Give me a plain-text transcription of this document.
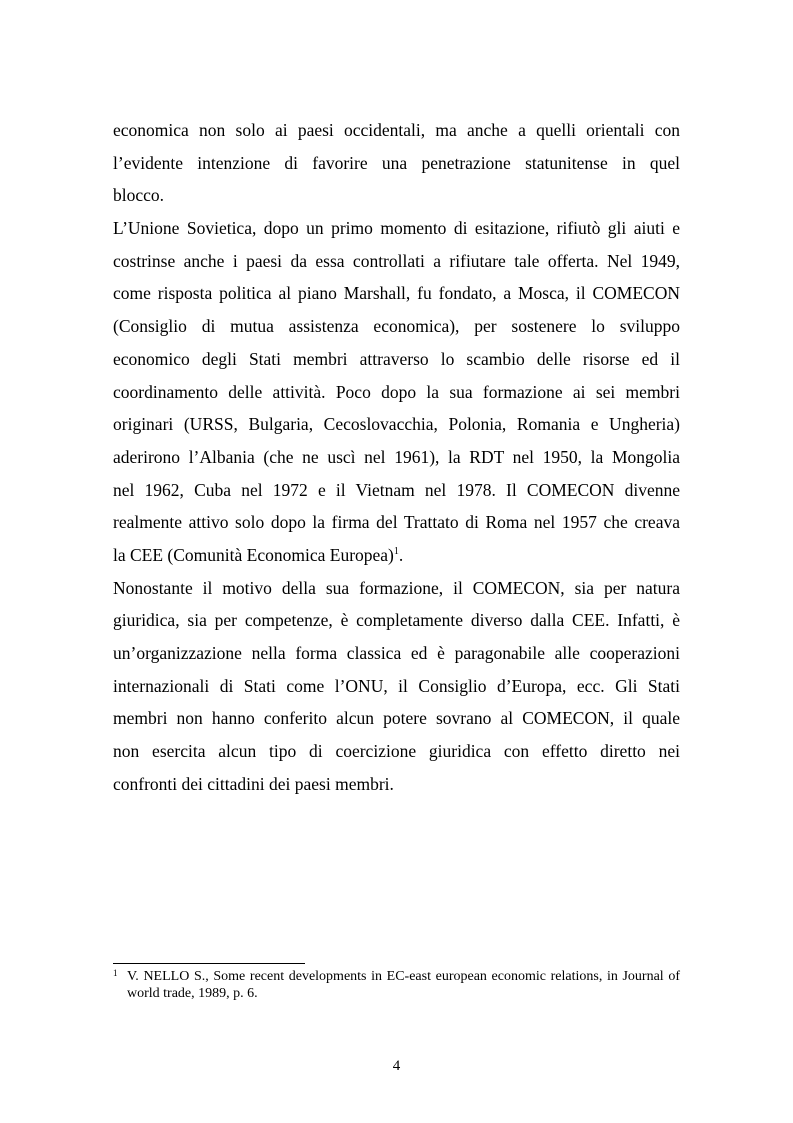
economica non solo ai paesi occidentali, ma anche a quelli orientali con
l’evidente intenzione di favorire una penetrazione statunitense in quel
blocco.
L’Unione Sovietica, dopo un primo momento di esitazione, rifiutò gli aiuti e
costrinse anche i paesi da essa controllati a rifiutare tale offerta. Nel 1949,
come risposta politica al piano Marshall, fu fondato, a Mosca, il COMECON
(Consiglio di mutua assistenza economica), per sostenere lo sviluppo
economico degli Stati membri attraverso lo scambio delle risorse ed il
coordinamento delle attività. Poco dopo la sua formazione ai sei membri
originari (URSS, Bulgaria, Cecoslovacchia, Polonia, Romania e Ungheria)
aderirono l’Albania (che ne uscì nel 1961), la RDT nel 1950, la Mongolia
nel 1962, Cuba nel 1972 e il Vietnam nel 1978. Il COMECON divenne
realmente attivo solo dopo la firma del Trattato di Roma nel 1957 che creava
la CEE (Comunità Economica Europea)$^1$.
Nonostante il motivo della sua formazione, il COMECON, sia per natura
giuridica, sia per competenze, è completamente diverso dalla CEE. Infatti, è
un’organizzazione nella forma classica ed è paragonabile alle cooperazioni
internazionali di Stati come l’ONU, il Consiglio d’Europa, ecc. Gli Stati
membri non hanno conferito alcun potere sovrano al COMECON, il quale
non esercita alcun tipo di coercizione giuridica con effetto diretto nei
confronti dei cittadini dei paesi membri.
1 V. NELLO S., Some recent developments in EC-east european economic relations, in Journal of
world trade, 1989, p. 6.
4
